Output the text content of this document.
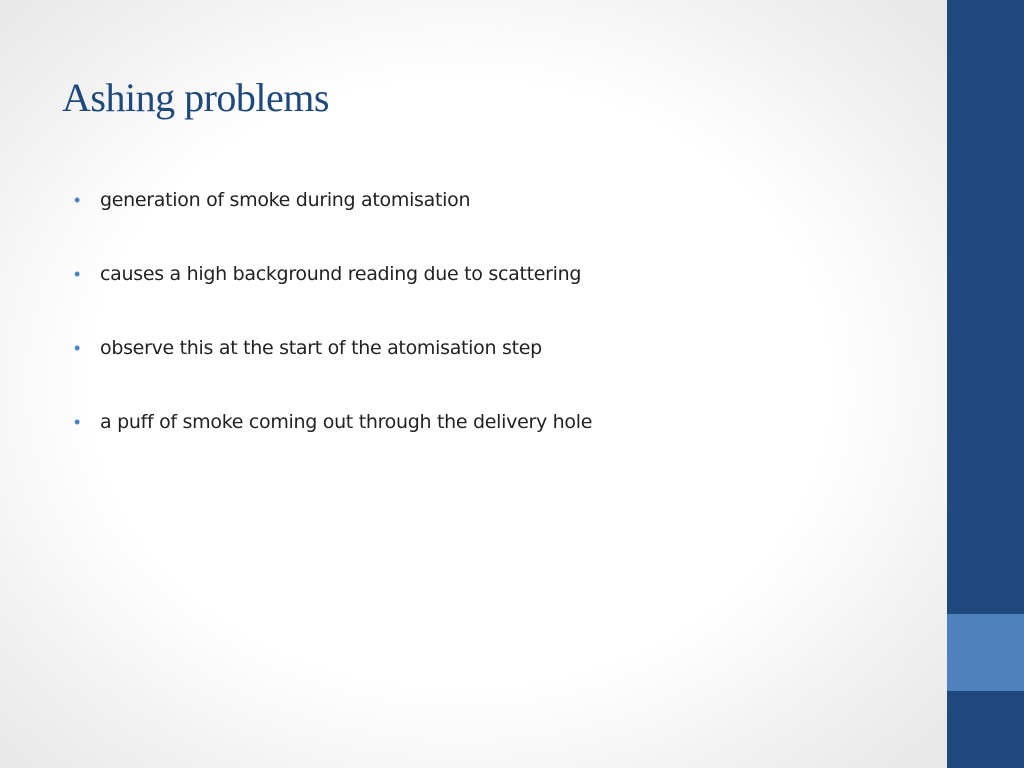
Ashing problems
•	generation of smoke during atomisation
•	causes a high background reading due to scattering
•	observe this at the start of the atomisation step
•	a puff of smoke coming out through the delivery hole
